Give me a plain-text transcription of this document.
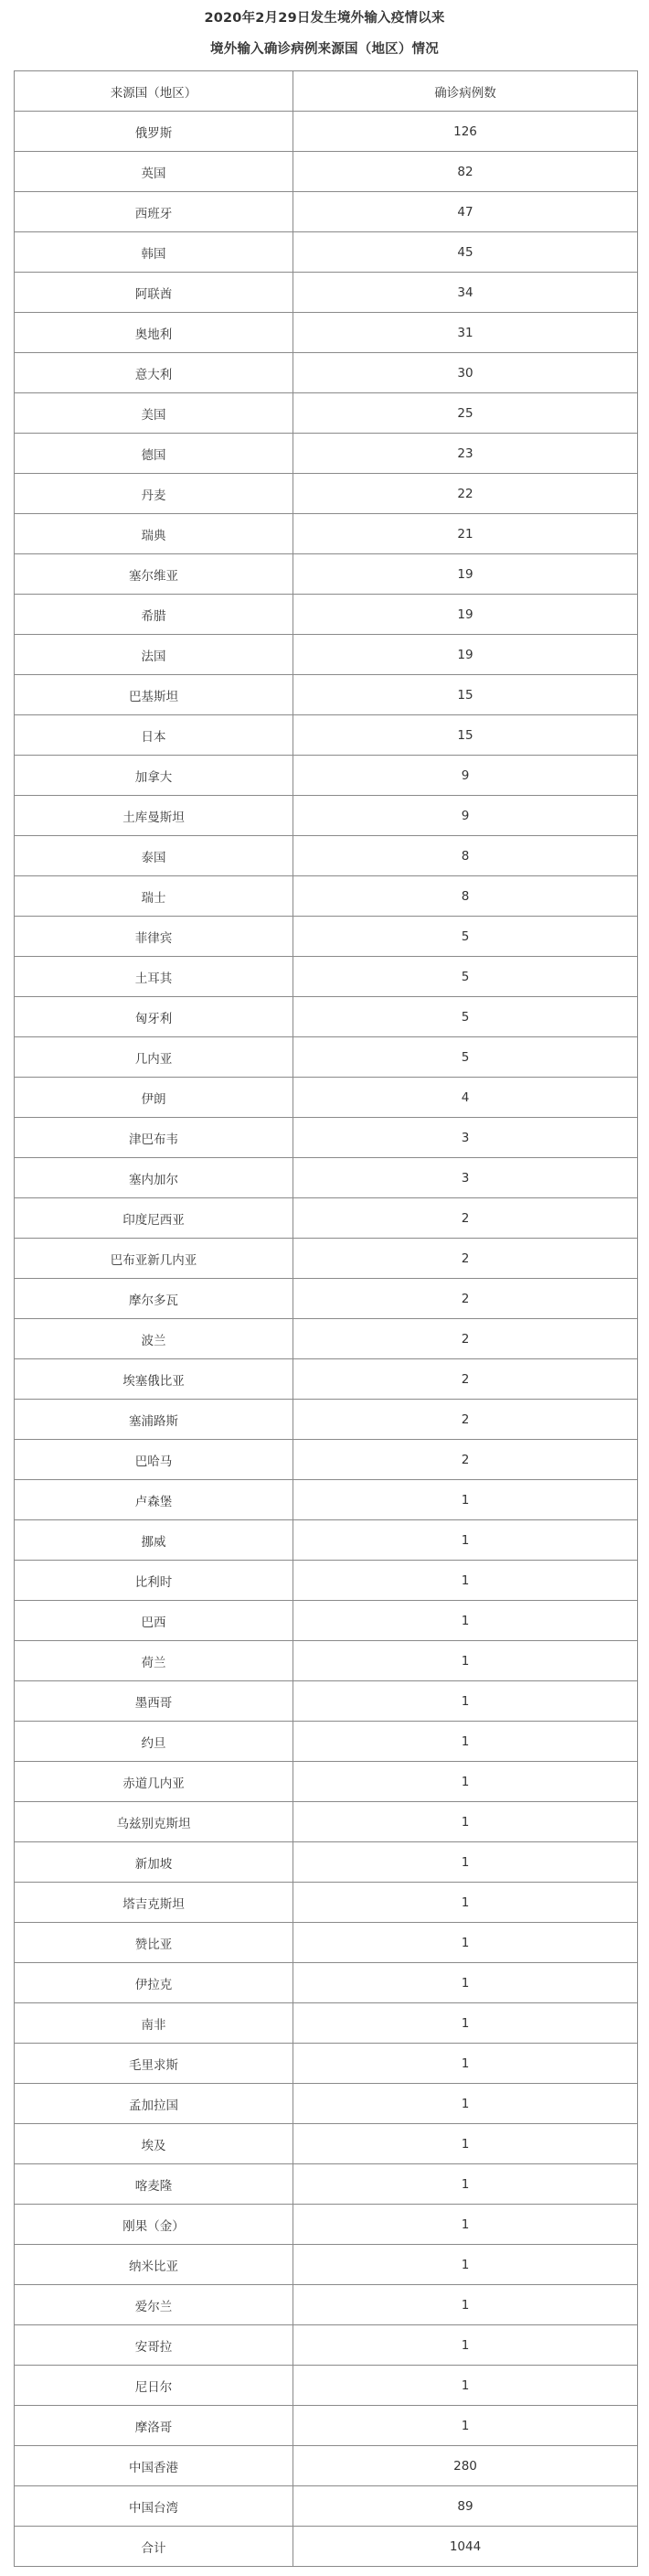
2020年2月29日发生境外输入疫情以来
境外输入确诊病例来源国（地区）情况
来源国（地区）	确诊病例数
俄罗斯	126
英国	82
西班牙	47
韩国	45
阿联酋	34
奥地利	31
意大利	30
美国	25
德国	23
丹麦	22
瑞典	21
塞尔维亚	19
希腊	19
法国	19
巴基斯坦	15
日本	15
加拿大	9
土库曼斯坦	9
泰国	8
瑞士	8
菲律宾	5
土耳其	5
匈牙利	5
几内亚	5
伊朗	4
津巴布韦	3
塞内加尔	3
印度尼西亚	2
巴布亚新几内亚	2
摩尔多瓦	2
波兰	2
埃塞俄比亚	2
塞浦路斯	2
巴哈马	2
卢森堡	1
挪威	1
比利时	1
巴西	1
荷兰	1
墨西哥	1
约旦	1
赤道几内亚	1
乌兹别克斯坦	1
新加坡	1
塔吉克斯坦	1
赞比亚	1
伊拉克	1
南非	1
毛里求斯	1
孟加拉国	1
埃及	1
喀麦隆	1
刚果（金）	1
纳米比亚	1
爱尔兰	1
安哥拉	1
尼日尔	1
摩洛哥	1
中国香港	280
中国台湾	89
合计	1044
